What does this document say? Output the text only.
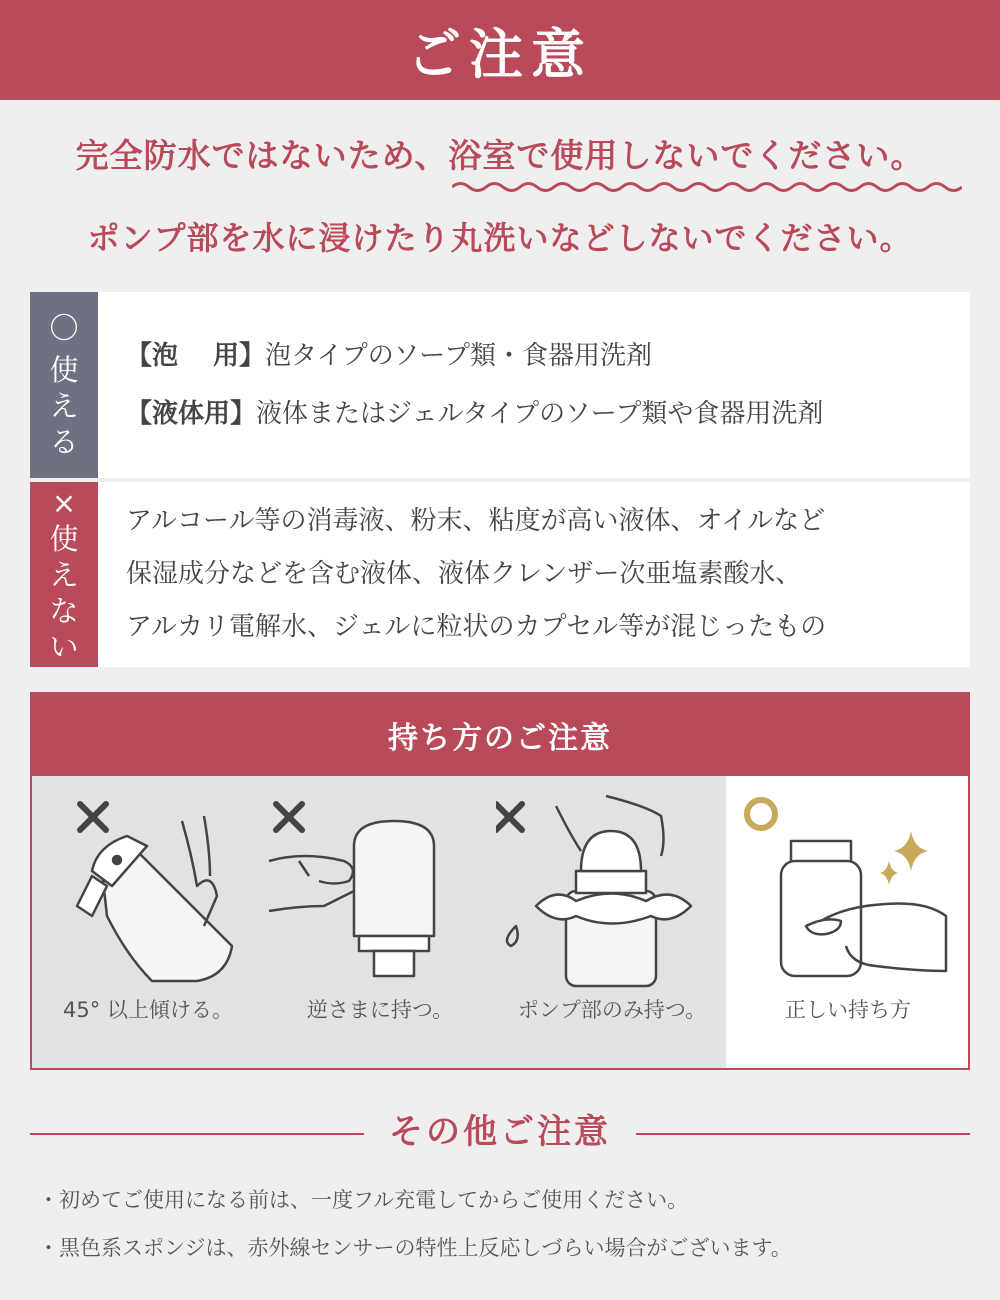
ご注意
完全防水ではないため、浴室で使用しないでください。
ポンプ部を水に浸けたり丸洗いなどしないでください。
〇
使
え
る
【泡　 用】泡タイプのソープ類・食器用洗剤
【液体用】液体またはジェルタイプのソープ類や食器用洗剤
×
使
え
な
い
アルコール等の消毒液、粉末、粘度が高い液体、オイルなど
保湿成分などを含む液体、液体クレンザー次亜塩素酸水、
アルカリ電解水、ジェルに粒状のカプセル等が混じったもの
持ち方のご注意
45° 以上傾ける。	逆さまに持つ。	ポンプ部のみ持つ。	正しい持ち方
その他ご注意
・初めてご使用になる前は、一度フル充電してからご使用ください。
・黒色系スポンジは、赤外線センサーの特性上反応しづらい場合がございます。
